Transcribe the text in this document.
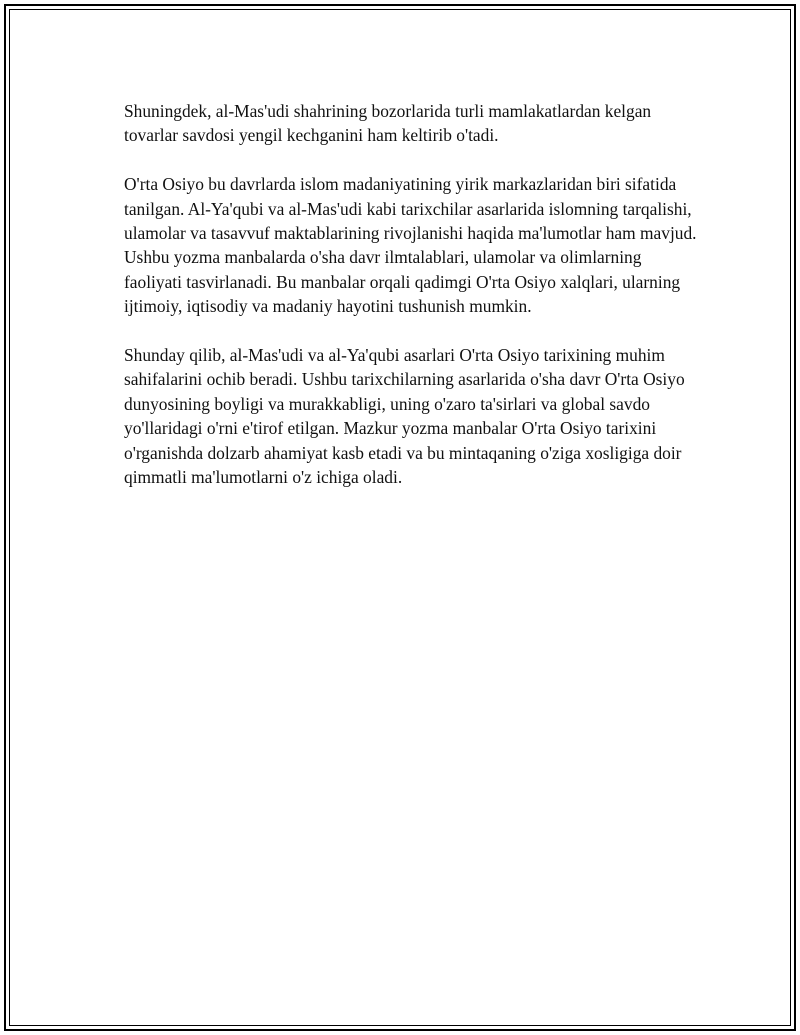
Shuningdek, al-Mas'udi shahrining bozorlarida turli mamlakatlardan kelgan tovarlar savdosi yengil kechganini ham keltirib o'tadi.

O'rta Osiyo bu davrlarda islom madaniyatining yirik markazlaridan biri sifatida tanilgan. Al-Ya'qubi va al-Mas'udi kabi tarixchilar asarlarida islomning tarqalishi, ulamolar va tasavvuf maktablarining rivojlanishi haqida ma'lumotlar ham mavjud. Ushbu yozma manbalarda o'sha davr ilmtalablari, ulamolar va olimlarning faoliyati tasvirlanadi. Bu manbalar orqali qadimgi O'rta Osiyo xalqlari, ularning ijtimoiy, iqtisodiy va madaniy hayotini tushunish mumkin.

Shunday qilib, al-Mas'udi va al-Ya'qubi asarlari O'rta Osiyo tarixining muhim sahifalarini ochib beradi. Ushbu tarixchilarning asarlarida o'sha davr O'rta Osiyo dunyosining boyligi va murakkabligi, uning o'zaro ta'sirlari va global savdo yo'llaridagi o'rni e'tirof etilgan. Mazkur yozma manbalar O'rta Osiyo tarixini o'rganishda dolzarb ahamiyat kasb etadi va bu mintaqaning o'ziga xosligiga doir qimmatli ma'lumotlarni o'z ichiga oladi.
